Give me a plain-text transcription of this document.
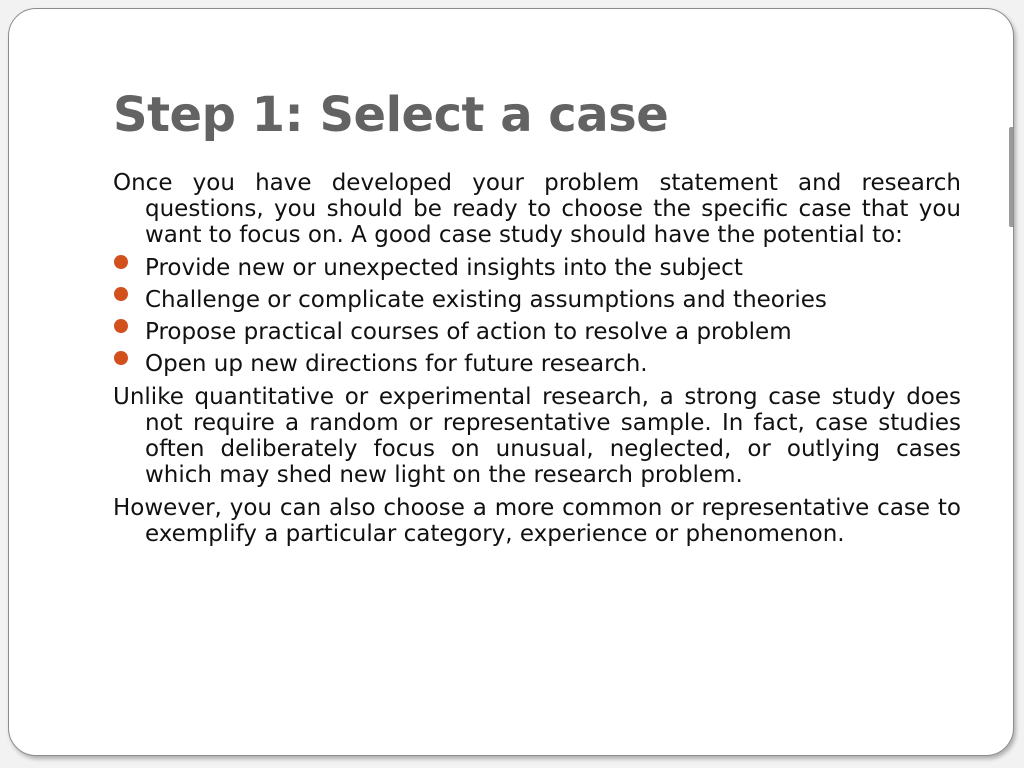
Step 1: Select a case

Once you have developed your problem statement and research questions, you should be ready to choose the specific case that you want to focus on. A good case study should have the potential to:

Provide new or unexpected insights into the subject
Challenge or complicate existing assumptions and theories
Propose practical courses of action to resolve a problem
Open up new directions for future research.

Unlike quantitative or experimental research, a strong case study does not require a random or representative sample. In fact, case studies often deliberately focus on unusual, neglected, or outlying cases which may shed new light on the research problem.

However, you can also choose a more common or representative case to exemplify a particular category, experience or phenomenon.
